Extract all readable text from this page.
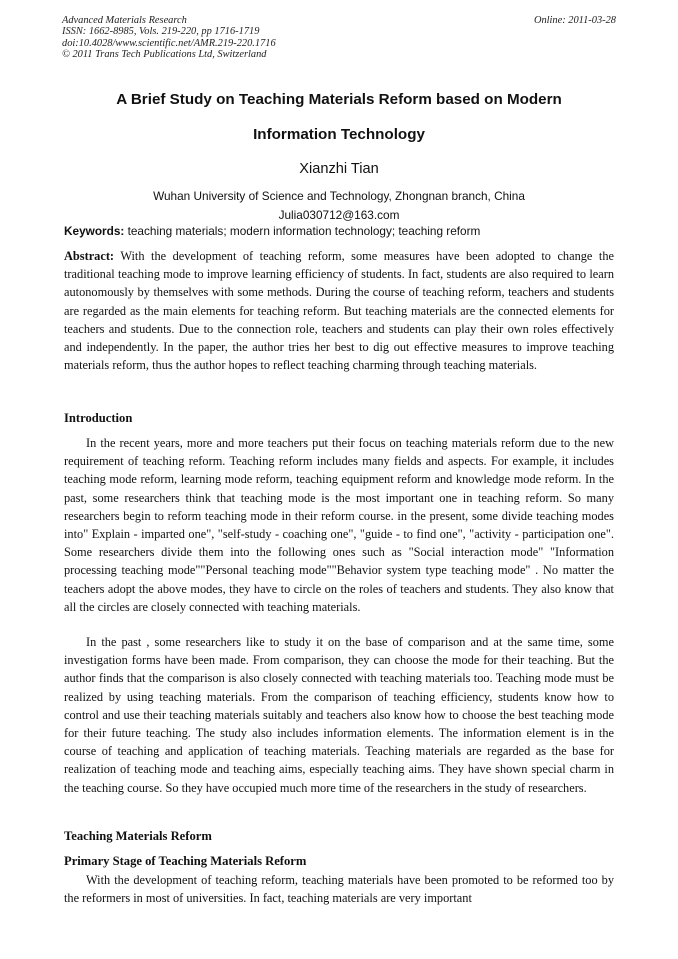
Advanced Materials Research
ISSN: 1662-8985, Vols. 219-220, pp 1716-1719
doi:10.4028/www.scientific.net/AMR.219-220.1716
© 2011 Trans Tech Publications Ltd, Switzerland
Online: 2011-03-28
A Brief Study on Teaching Materials Reform based on Modern
Information Technology
Xianzhi Tian
Wuhan University of Science and Technology, Zhongnan branch, China
Julia030712@163.com
Keywords: teaching materials; modern information technology; teaching reform

Abstract: With the development of teaching reform, some measures have been adopted to change the traditional teaching mode to improve learning efficiency of students. In fact, students are also required to learn autonomously by themselves with some methods. During the course of teaching reform, teachers and students are regarded as the main elements for teaching reform. But teaching materials are the connected elements for teachers and students. Due to the connection role, teachers and students can play their own roles effectively and independently. In the paper, the author tries her best to dig out effective measures to improve teaching materials reform, thus the author hopes to reflect teaching charming through teaching materials.

Introduction

In the recent years, more and more teachers put their focus on teaching materials reform due to the new requirement of teaching reform. Teaching reform includes many fields and aspects. For example, it includes teaching mode reform, learning mode reform, teaching equipment reform and knowledge mode reform. In the past, some researchers think that teaching mode is the most important one in teaching reform. So many researchers begin to reform teaching mode in their reform course. in the present, some divide teaching modes into" Explain - imparted one", "self-study - coaching one", "guide - to find one", "activity - participation one". Some researchers divide them into the following ones such as "Social interaction mode" "Information processing teaching mode""Personal teaching mode""Behavior system type teaching mode" . No matter the teachers adopt the above modes, they have to circle on the roles of teachers and students. They also know that all the circles are closely connected with teaching materials.

In the past , some researchers like to study it on the base of comparison and at the same time, some investigation forms have been made. From comparison, they can choose the mode for their teaching. But the author finds that the comparison is also closely connected with teaching materials too. Teaching mode must be realized by using teaching materials. From the comparison of teaching efficiency, students know how to control and use their teaching materials suitably and teachers also know how to choose the best teaching mode for their future teaching. The study also includes information elements. The information element is in the course of teaching and application of teaching materials. Teaching materials are regarded as the base for realization of teaching mode and teaching aims, especially teaching aims. They have shown special charm in the teaching course. So they have occupied much more time of the researchers in the study of researchers.

Teaching Materials Reform
Primary Stage of Teaching Materials Reform

With the development of teaching reform, teaching materials have been promoted to be reformed too by the reformers in most of universities. In fact, teaching materials are very important
